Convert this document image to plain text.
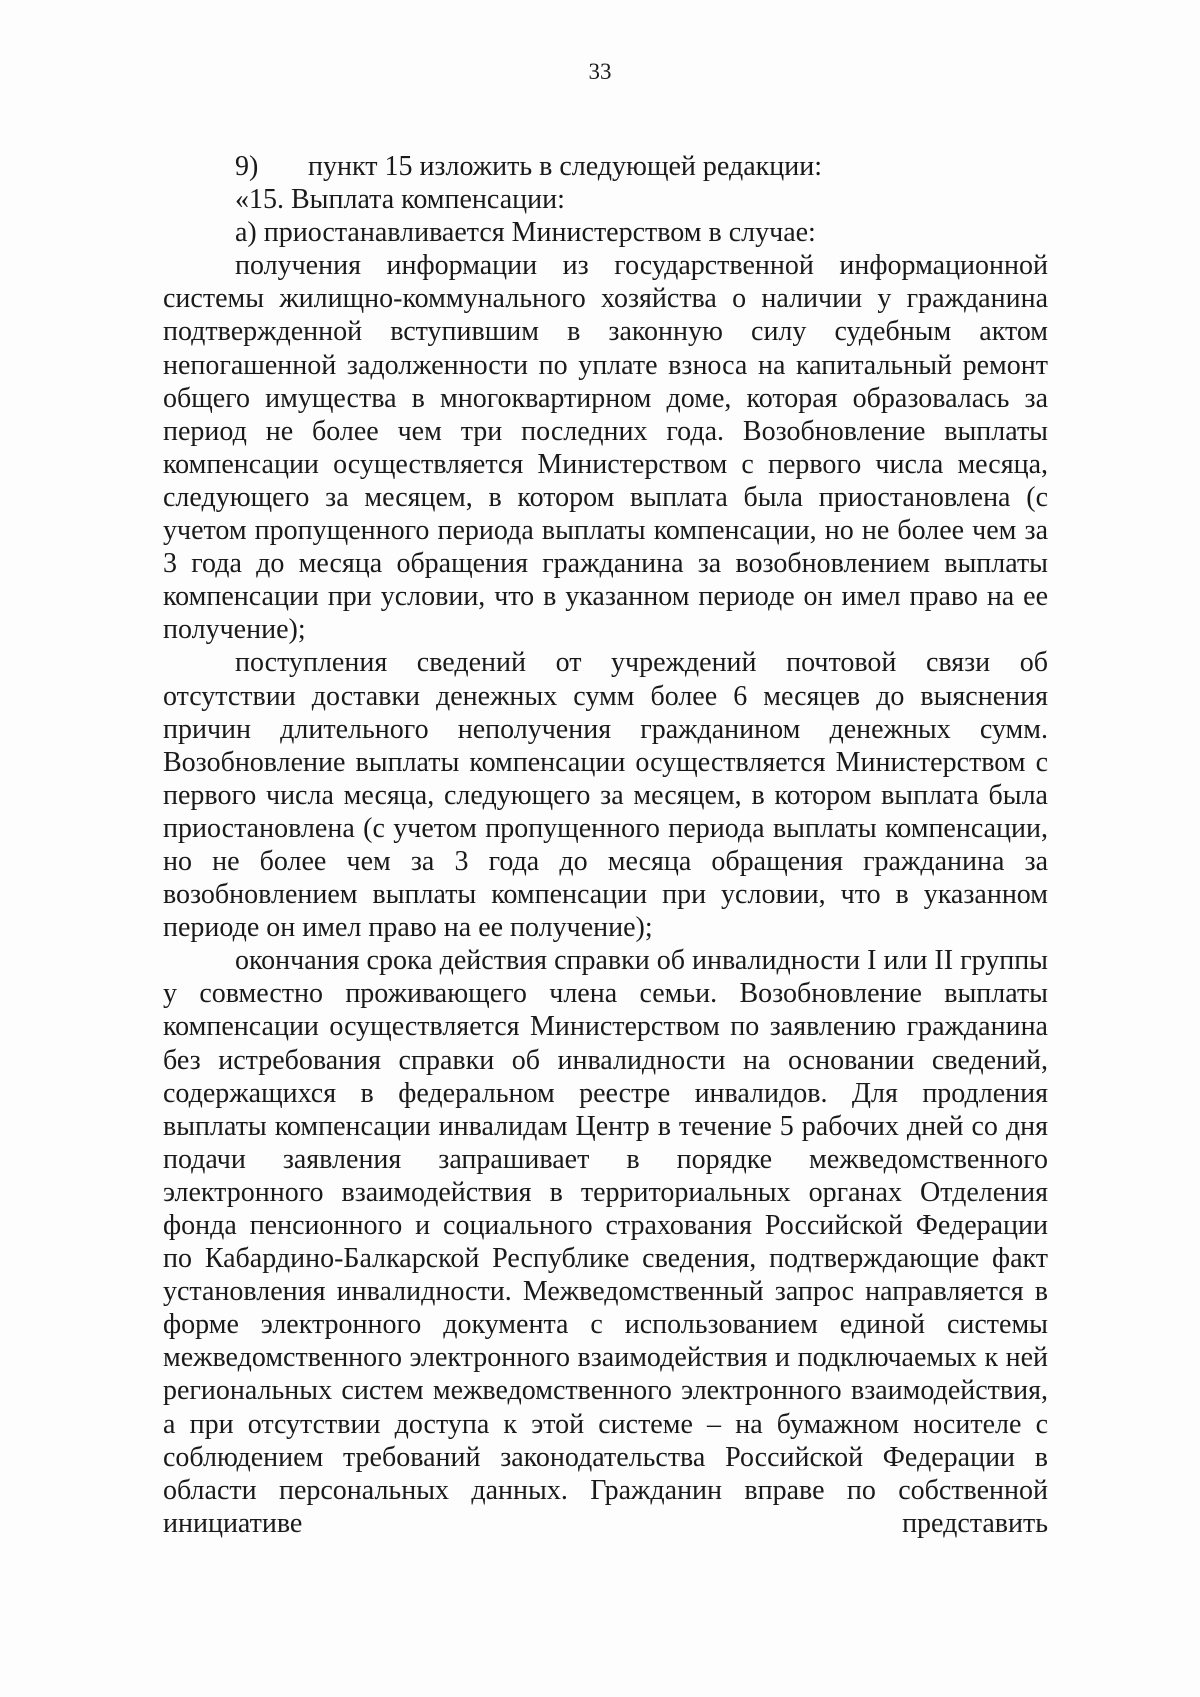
33

9) пункт 15 изложить в следующей редакции:

«15. Выплата компенсации:

а) приостанавливается Министерством в случае:

получения информации из государственной информационной системы жилищно-коммунального хозяйства о наличии у гражданина подтвержденной вступившим в законную силу судебным актом непогашенной задолженности по уплате взноса на капитальный ремонт общего имущества в многоквартирном доме, которая образовалась за период не более чем три последних года. Возобновление выплаты компенсации осуществляется Министерством с первого числа месяца, следующего за месяцем, в котором выплата была приостановлена (с учетом пропущенного периода выплаты компенсации, но не более чем за 3 года до месяца обращения гражданина за возобновлением выплаты компенсации при условии, что в указанном периоде он имел право на ее получение);

поступления сведений от учреждений почтовой связи об отсутствии доставки денежных сумм более 6 месяцев до выяснения причин длительного неполучения гражданином денежных сумм. Возобновление выплаты компенсации осуществляется Министерством с первого числа месяца, следующего за месяцем, в котором выплата была приостановлена (с учетом пропущенного периода выплаты компенсации, но не более чем за 3 года до месяца обращения гражданина за возобновлением выплаты компенсации при условии, что в указанном периоде он имел право на ее получение);

окончания срока действия справки об инвалидности I или II группы у совместно проживающего члена семьи. Возобновление выплаты компенсации осуществляется Министерством по заявлению гражданина без истребования справки об инвалидности на основании сведений, содержащихся в федеральном реестре инвалидов. Для продления выплаты компенсации инвалидам Центр в течение 5 рабочих дней со дня подачи заявления запрашивает в порядке межведомственного электронного взаимодействия в территориальных органах Отделения фонда пенсионного и социального страхования Российской Федерации по Кабардино-Балкарской Республике сведения, подтверждающие факт установления инвалидности. Межведомственный запрос направляется в форме электронного документа с использованием единой системы межведомственного электронного взаимодействия и подключаемых к ней региональных систем межведомственного электронного взаимодействия, а при отсутствии доступа к этой системе – на бумажном носителе с соблюдением требований законодательства Российской Федерации в области персональных данных. Гражданин вправе по собственной инициативе представить
